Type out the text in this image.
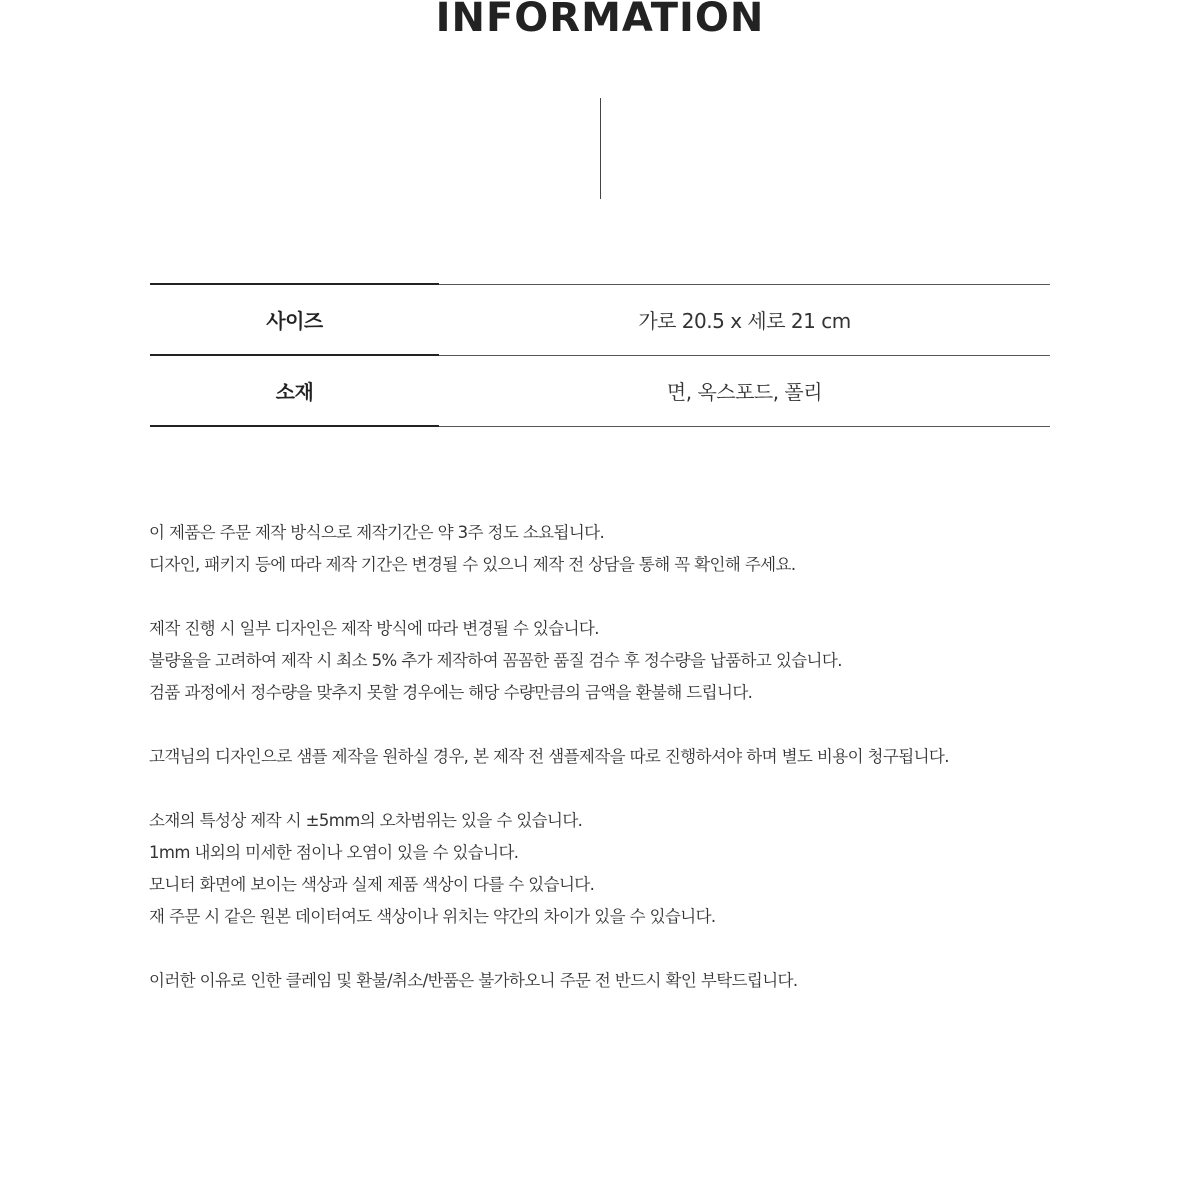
INFORMATION
사이즈	가로 20.5 x 세로 21 cm
소재	면, 옥스포드, 폴리
이 제품은 주문 제작 방식으로 제작기간은 약 3주 정도 소요됩니다.
디자인, 패키지 등에 따라 제작 기간은 변경될 수 있으니 제작 전 상담을 통해 꼭 확인해 주세요.
제작 진행 시 일부 디자인은 제작 방식에 따라 변경될 수 있습니다.
불량율을 고려하여 제작 시 최소 5% 추가 제작하여 꼼꼼한 품질 검수 후 정수량을 납품하고 있습니다.
검품 과정에서 정수량을 맞추지 못할 경우에는 해당 수량만큼의 금액을 환불해 드립니다.
고객님의 디자인으로 샘플 제작을 원하실 경우, 본 제작 전 샘플제작을 따로 진행하셔야 하며 별도 비용이 청구됩니다.
소재의 특성상 제작 시 ±5mm의 오차범위는 있을 수 있습니다.
1mm 내외의 미세한 점이나 오염이 있을 수 있습니다.
모니터 화면에 보이는 색상과 실제 제품 색상이 다를 수 있습니다.
재 주문 시 같은 원본 데이터여도 색상이나 위치는 약간의 차이가 있을 수 있습니다.
이러한 이유로 인한 클레임 및 환불/취소/반품은 불가하오니 주문 전 반드시 확인 부탁드립니다.
